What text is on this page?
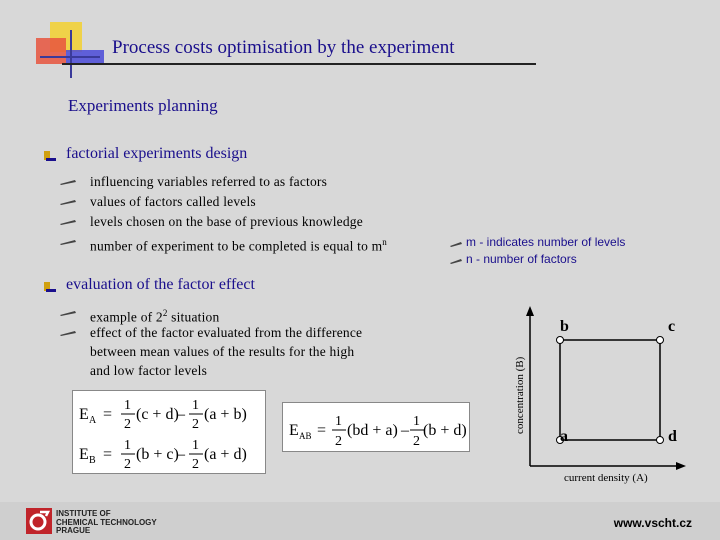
Process costs optimisation by the experiment
Experiments planning
factorial experiments design
influencing variables referred to as factors
values of factors called levels
levels chosen on the base of previous knowledge
number of experiment to be completed is equal to $m^n$	m - indicates number of levels
n - number of factors
evaluation of the factor effect
example of $2^2$ situation
effect of the factor evaluated from the difference
between mean values of the results for the high
and low factor levels
E A =
1
2
(c + d)
–
1
2
(a + b)
E B =
1
2
(b + c)
–
1
2
(a + d)
E AB =
1
2
(bd + a) –
1
2
(b + d)
b	c
a	d
concentration (B)
current density (A)
INSTITUTE OF
CHEMICAL TECHNOLOGY
PRAGUE
www.vscht.cz
